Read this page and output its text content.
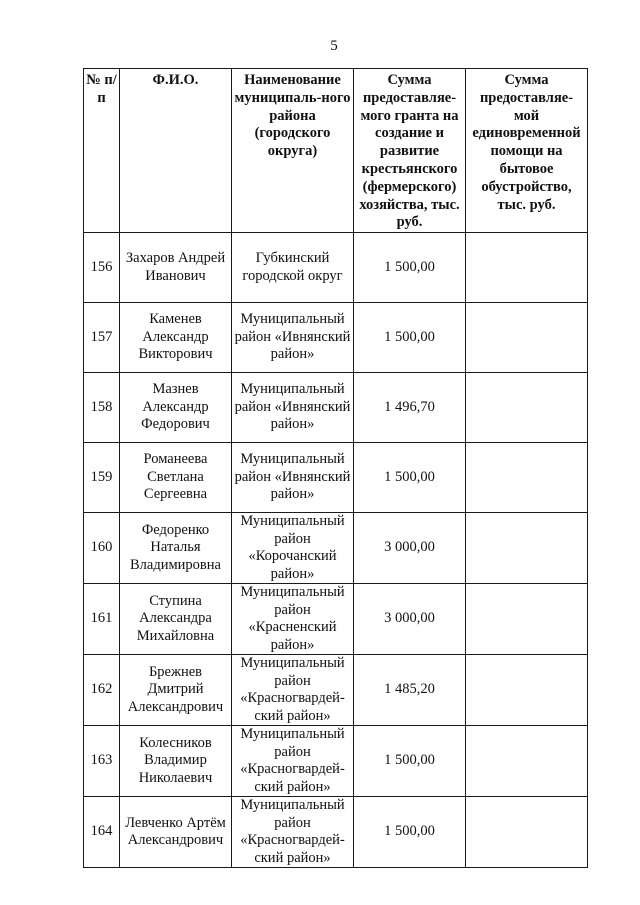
5
№ п/п	Ф.И.О.	Наименование муниципаль-ного района (городского округа)	Сумма предоставляе-мого гранта на создание и развитие крестьянского (фермерского) хозяйства, тыс. руб.	Сумма предоставляе-мой единовременной помощи на бытовое обустройство, тыс. руб.
156	Захаров Андрей Иванович	Губкинский городской округ	1 500,00	
157	Каменев Александр Викторович	Муниципальный район «Ивнянский район»	1 500,00	
158	Мазнев Александр Федорович	Муниципальный район «Ивнянский район»	1 496,70	
159	Романеева Светлана Сергеевна	Муниципальный район «Ивнянский район»	1 500,00	
160	Федоренко Наталья Владимировна	Муниципальный район «Корочанский район»	3 000,00	
161	Ступина Александра Михайловна	Муниципальный район «Красненский район»	3 000,00	
162	Брежнев Дмитрий Александрович	Муниципальный район «Красногвардей-ский район»	1 485,20	
163	Колесников Владимир Николаевич	Муниципальный район «Красногвардей-ский район»	1 500,00	
164	Левченко Артём Александрович	Муниципальный район «Красногвардей-ский район»	1 500,00	
